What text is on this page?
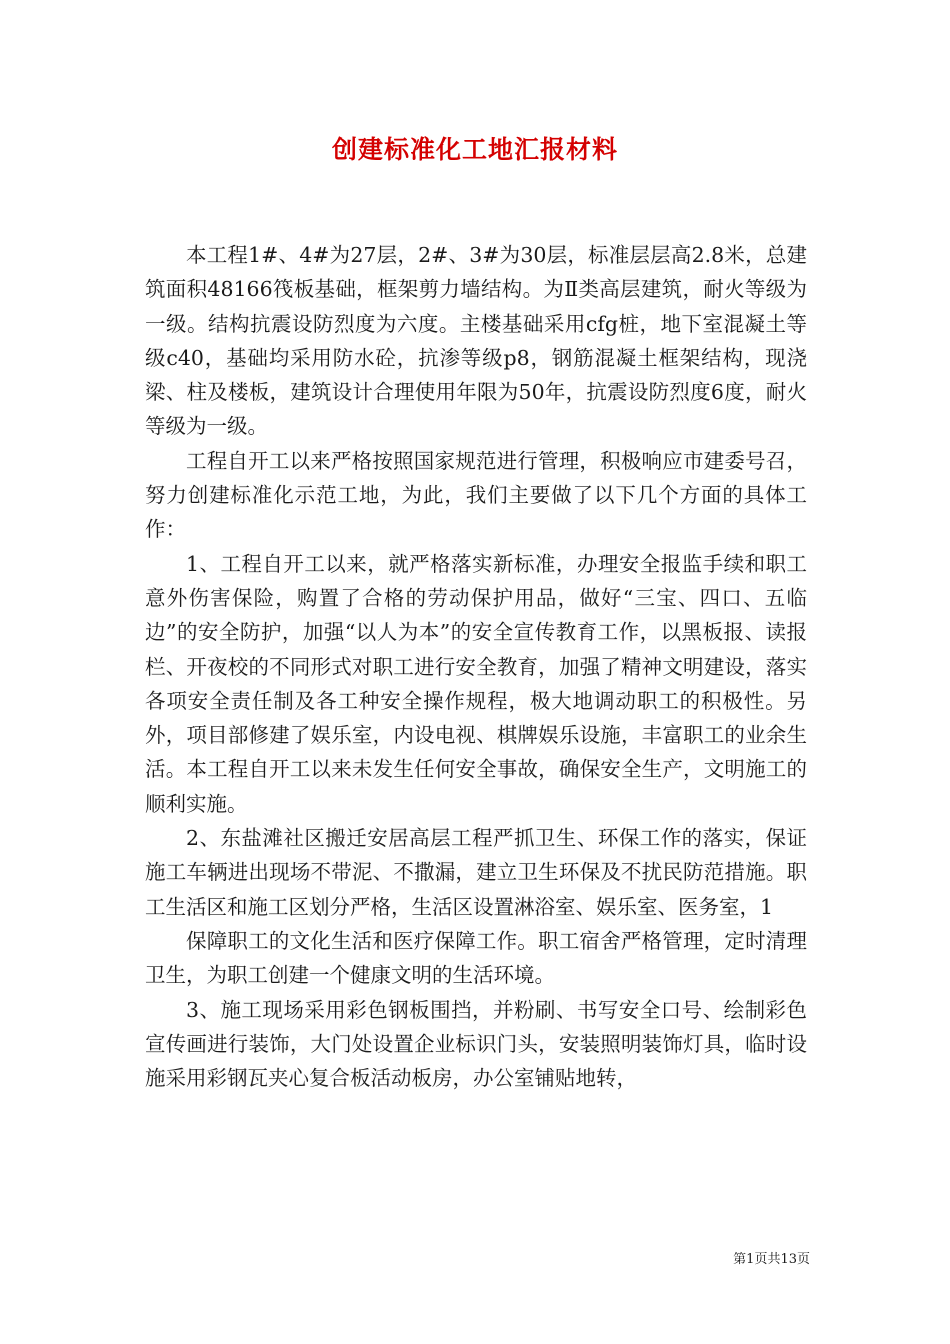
创建标准化工地汇报材料

本工程1#、4#为27层，2#、3#为30层，标准层层高2.8米，总建筑面积48166筏板基础，框架剪力墙结构。为Ⅱ类高层建筑，耐火等级为一级。结构抗震设防烈度为六度。主楼基础采用cfg桩，地下室混凝土等级c40，基础均采用防水砼，抗渗等级p8，钢筋混凝土框架结构，现浇梁、柱及楼板，建筑设计合理使用年限为50年，抗震设防烈度6度，耐火等级为一级。

工程自开工以来严格按照国家规范进行管理，积极响应市建委号召，努力创建标准化示范工地，为此，我们主要做了以下几个方面的具体工作：

1、工程自开工以来，就严格落实新标准，办理安全报监手续和职工意外伤害保险，购置了合格的劳动保护用品，做好“三宝、四口、五临边”的安全防护，加强“以人为本”的安全宣传教育工作，以黑板报、读报栏、开夜校的不同形式对职工进行安全教育，加强了精神文明建设，落实各项安全责任制及各工种安全操作规程，极大地调动职工的积极性。另外，项目部修建了娱乐室，内设电视、棋牌娱乐设施，丰富职工的业余生活。本工程自开工以来未发生任何安全事故，确保安全生产，文明施工的顺利实施。

2、东盐滩社区搬迁安居高层工程严抓卫生、环保工作的落实，保证施工车辆进出现场不带泥、不撒漏，建立卫生环保及不扰民防范措施。职工生活区和施工区划分严格，生活区设置淋浴室、娱乐室、医务室，1

保障职工的文化生活和医疗保障工作。职工宿舍严格管理，定时清理卫生，为职工创建一个健康文明的生活环境。

3、施工现场采用彩色钢板围挡，并粉刷、书写安全口号、绘制彩色宣传画进行装饰，大门处设置企业标识门头，安装照明装饰灯具，临时设施采用彩钢瓦夹心复合板活动板房，办公室铺贴地转，

第1页共13页
